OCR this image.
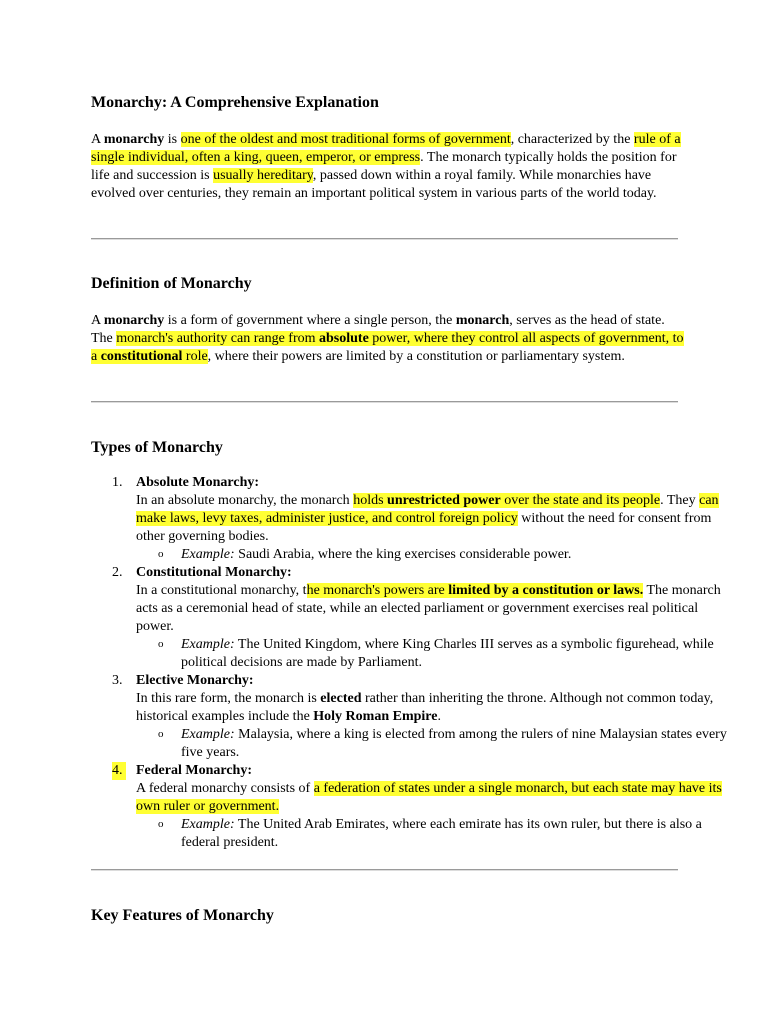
Monarchy: A Comprehensive Explanation

A monarchy is one of the oldest and most traditional forms of government, characterized by the rule of a single individual, often a king, queen, emperor, or empress. The monarch typically holds the position for life and succession is usually hereditary, passed down within a royal family. While monarchies have evolved over centuries, they remain an important political system in various parts of the world today.

Definition of Monarchy

A monarchy is a form of government where a single person, the monarch, serves as the head of state. The monarch's authority can range from absolute power, where they control all aspects of government, to a constitutional role, where their powers are limited by a constitution or parliamentary system.

Types of Monarchy
1. Absolute Monarchy:
In an absolute monarchy, the monarch holds unrestricted power over the state and its people. They can make laws, levy taxes, administer justice, and control foreign policy without the need for consent from other governing bodies.
o Example: Saudi Arabia, where the king exercises considerable power.
2. Constitutional Monarchy:
In a constitutional monarchy, the monarch's powers are limited by a constitution or laws. The monarch acts as a ceremonial head of state, while an elected parliament or government exercises real political power.
o Example: The United Kingdom, where King Charles III serves as a symbolic figurehead, while political decisions are made by Parliament.
3. Elective Monarchy:
In this rare form, the monarch is elected rather than inheriting the throne. Although not common today, historical examples include the Holy Roman Empire.
o Example: Malaysia, where a king is elected from among the rulers of nine Malaysian states every five years.
4. Federal Monarchy:
A federal monarchy consists of a federation of states under a single monarch, but each state may have its own ruler or government.
o Example: The United Arab Emirates, where each emirate has its own ruler, but there is also a federal president.
Key Features of Monarchy
